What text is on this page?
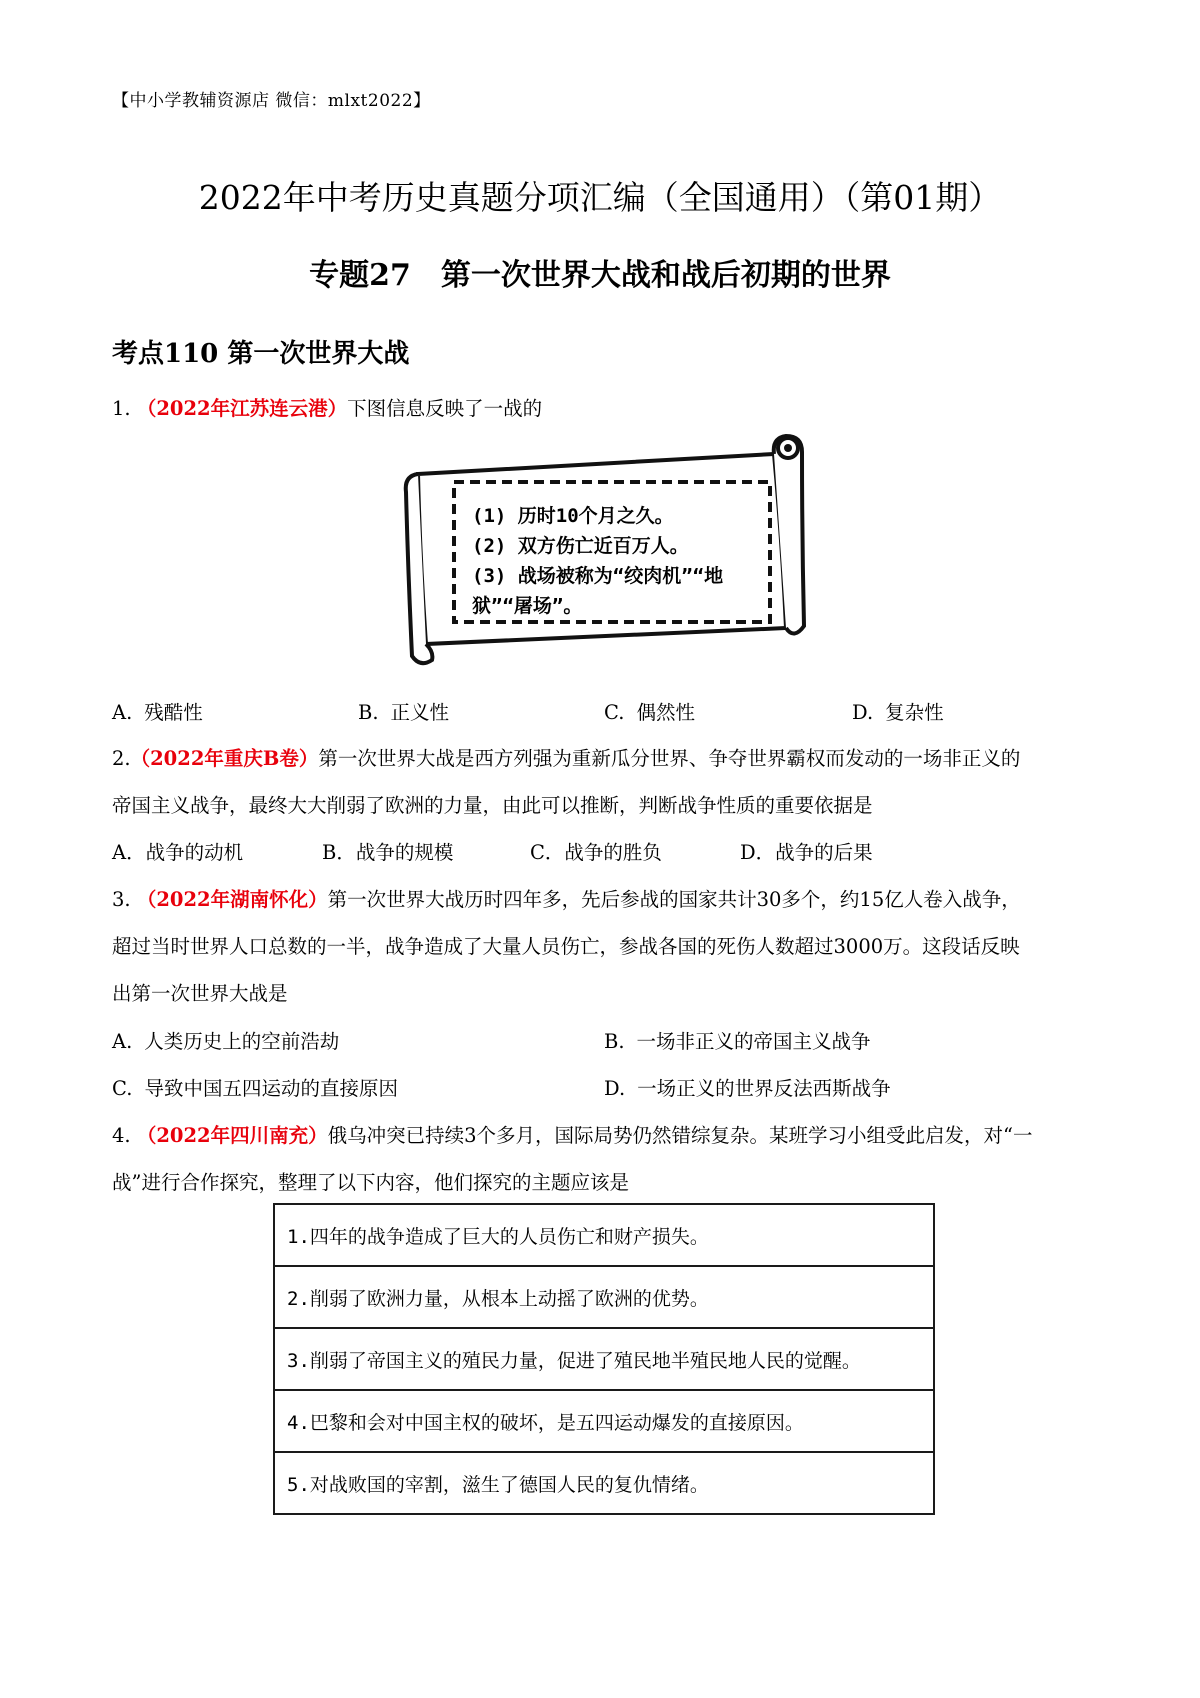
【中小学教辅资源店 微信：mlxt2022】
2022年中考历史真题分项汇编（全国通用）（第01期）
专题27　第一次世界大战和战后初期的世界
考点110 第一次世界大战
1. （2022年江苏连云港）下图信息反映了一战的
(1) 历时10个月之久。
(2) 双方伤亡近百万人。
(3) 战场被称为“绞肉机”“地
狱”“屠场”。
A. 残酷性	B. 正义性	C. 偶然性	D. 复杂性
2.（2022年重庆B卷）第一次世界大战是西方列强为重新瓜分世界、争夺世界霸权而发动的一场非正义的
帝国主义战争，最终大大削弱了欧洲的力量，由此可以推断，判断战争性质的重要依据是
A．战争的动机	B．战争的规模	C．战争的胜负	D．战争的后果
3. （2022年湖南怀化）第一次世界大战历时四年多，先后参战的国家共计30多个，约15亿人卷入战争，
超过当时世界人口总数的一半，战争造成了大量人员伤亡，参战各国的死伤人数超过3000万。这段话反映
出第一次世界大战是
A. 人类历史上的空前浩劫	B. 一场非正义的帝国主义战争
C. 导致中国五四运动的直接原因	D. 一场正义的世界反法西斯战争
4. （2022年四川南充）俄乌冲突已持续3个多月，国际局势仍然错综复杂。某班学习小组受此启发，对“一
战”进行合作探究，整理了以下内容，他们探究的主题应该是
1.四年的战争造成了巨大的人员伤亡和财产损失。
2.削弱了欧洲力量，从根本上动摇了欧洲的优势。
3.削弱了帝国主义的殖民力量，促进了殖民地半殖民地人民的觉醒。
4.巴黎和会对中国主权的破坏，是五四运动爆发的直接原因。
5.对战败国的宰割，滋生了德国人民的复仇情绪。
